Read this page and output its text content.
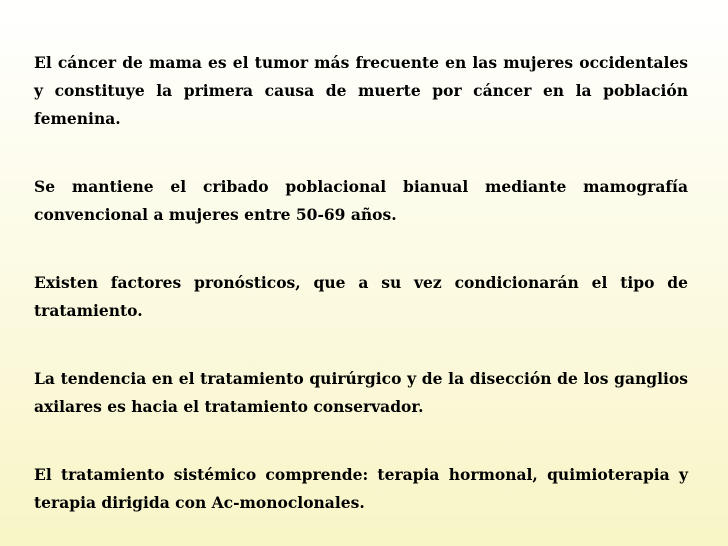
El cáncer de mama es el tumor más frecuente en las mujeres occidentales y constituye la primera causa de muerte por cáncer en la población femenina.

Se mantiene el cribado poblacional bianual mediante mamografía convencional a mujeres entre 50-69 años.

Existen factores pronósticos, que a su vez condicionarán el tipo de tratamiento.

La tendencia en el tratamiento quirúrgico y de la disección de los ganglios axilares es hacia el tratamiento conservador.

El tratamiento sistémico comprende: terapia hormonal, quimioterapia y terapia dirigida con Ac-monoclonales.
